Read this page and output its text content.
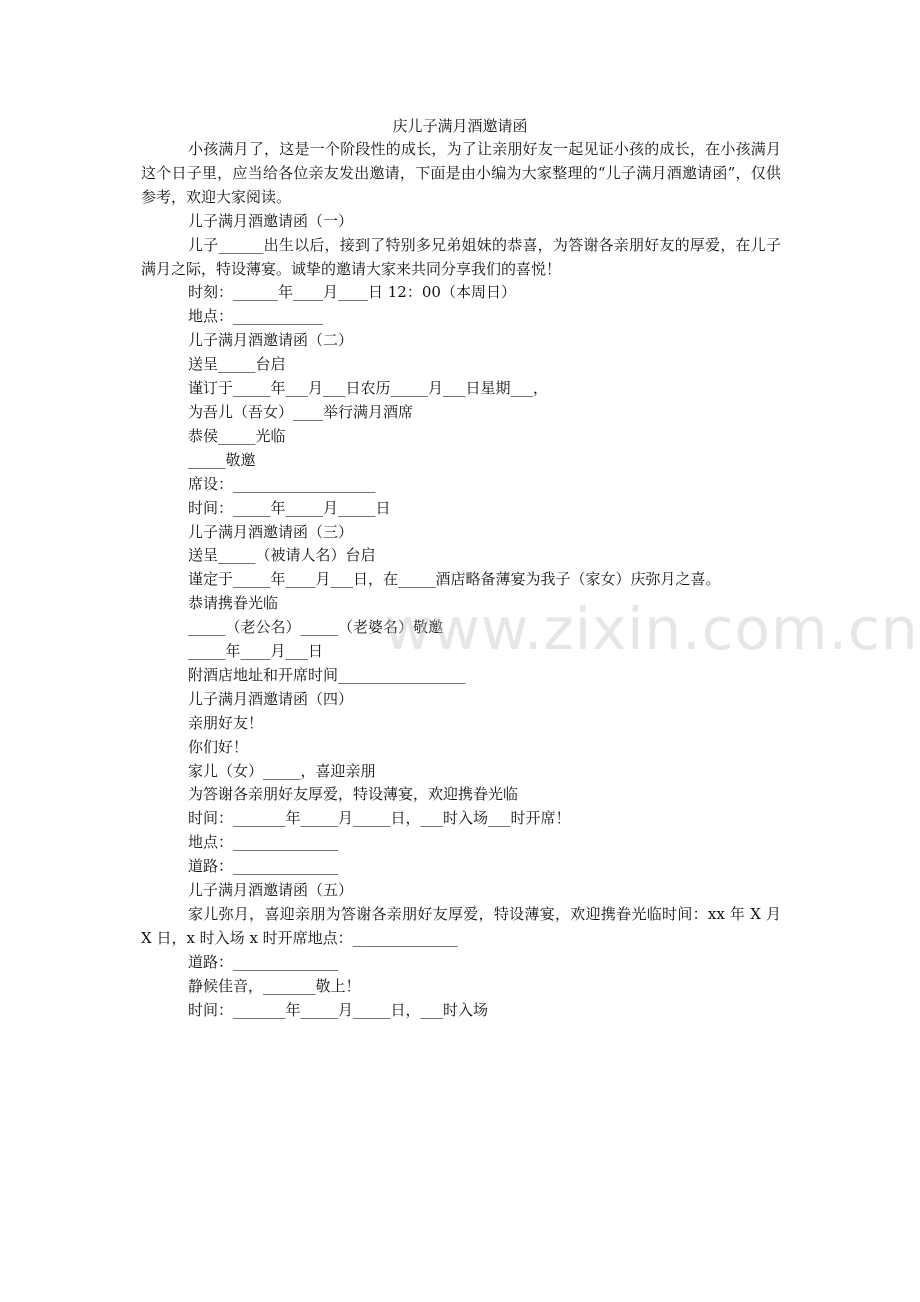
庆儿子满月酒邀请函
小孩满月了，这是一个阶段性的成长，为了让亲朋好友一起见证小孩的成长，在小孩满月这个日子里，应当给各位亲友发出邀请，下面是由小编为大家整理的“儿子满月酒邀请函”，仅供参考，欢迎大家阅读。
儿子满月酒邀请函（一）
儿子______出生以后，接到了特别多兄弟姐妹的恭喜，为答谢各亲朋好友的厚爱，在儿子满月之际，特设薄宴。诚挚的邀请大家来共同分享我们的喜悦！
时刻：______年____月____日 12：00（本周日）
地点：____________
儿子满月酒邀请函（二）
送呈_____台启
谨订于_____年___月___日农历_____月___日星期___，
为吾儿（吾女）____举行满月酒席
恭侯_____光临
_____敬邀
席设：___________________
时间：_____年_____月_____日
儿子满月酒邀请函（三）
送呈_____（被请人名）台启
谨定于_____年____月___日，在_____酒店略备薄宴为我子（家女）庆弥月之喜。
恭请携眷光临
_____（老公名）_____（老婆名）敬邀
_____年____月___日
附酒店地址和开席时间_________________
儿子满月酒邀请函（四）
亲朋好友！
你们好！
家儿（女）_____，喜迎亲朋
为答谢各亲朋好友厚爱，特设薄宴，欢迎携眷光临
时间：_______年_____月_____日，___时入场___时开席！
地点：______________
道路：______________
儿子满月酒邀请函（五）
家儿弥月，喜迎亲朋为答谢各亲朋好友厚爱，特设薄宴，欢迎携眷光临时间：xx 年 X 月 X 日，x 时入场 x 时开席地点：______________
道路：______________
静候佳音，_______敬上！
时间：_______年_____月_____日，___时入场
www.zixin.com.cn
